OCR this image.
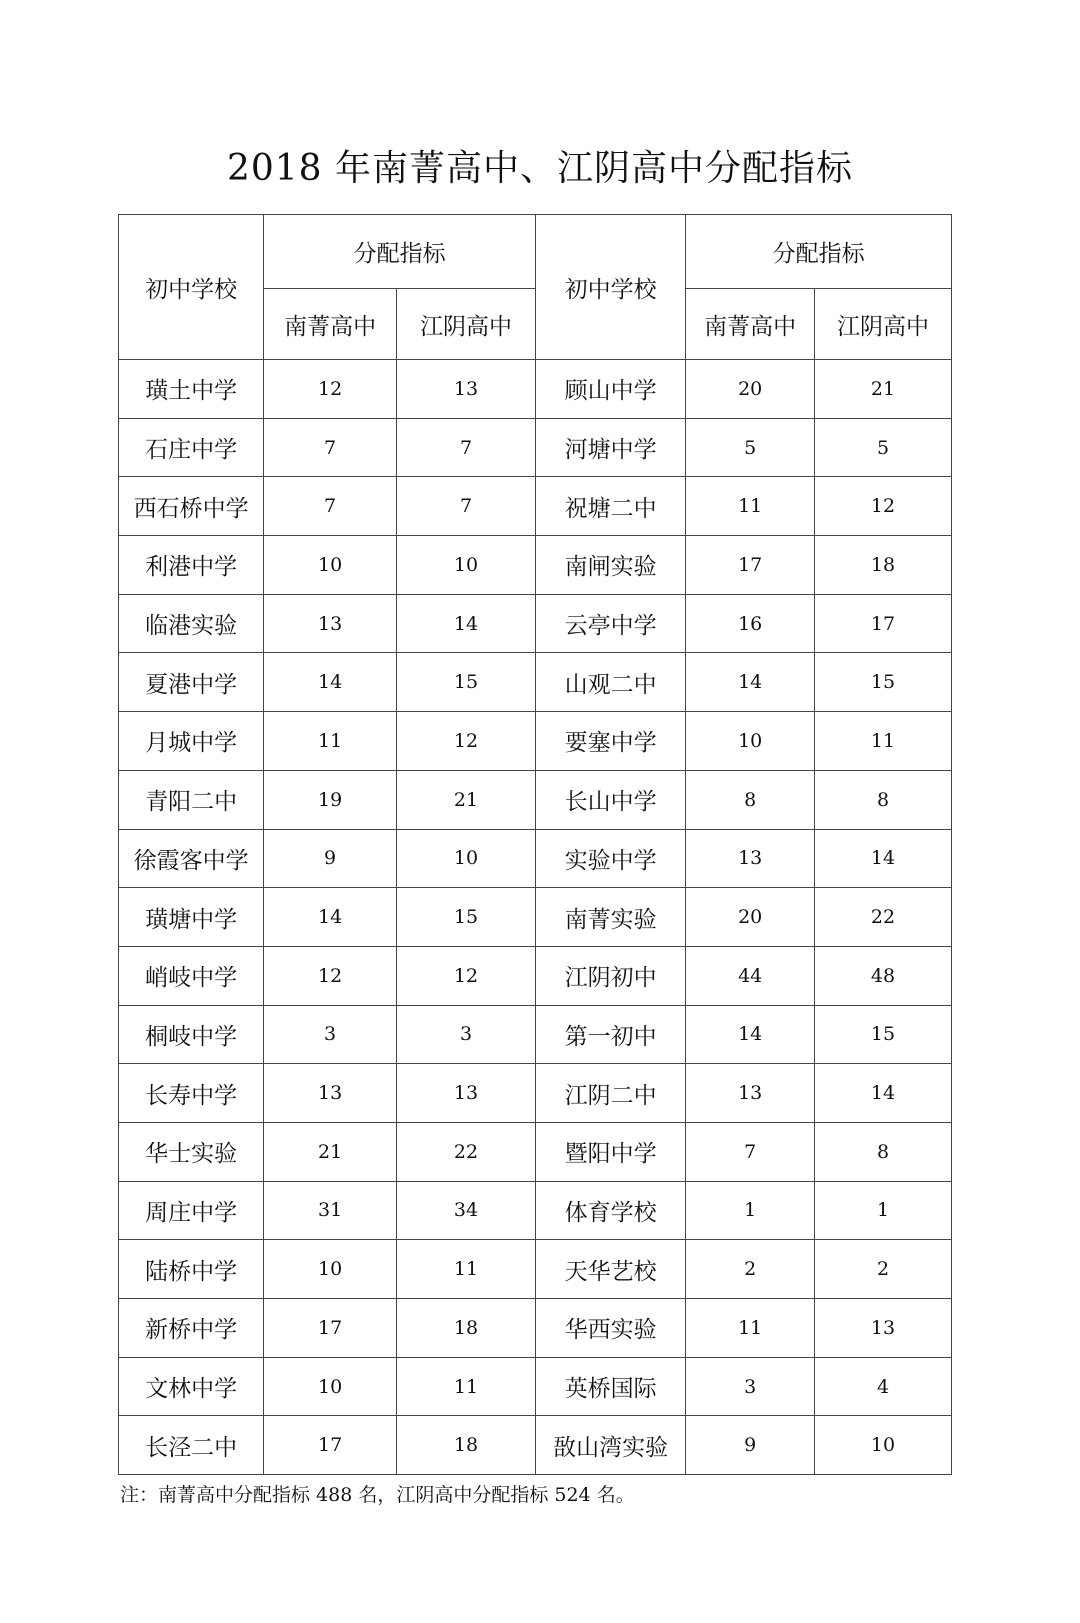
2018 年南菁高中、江阴高中分配指标
初中学校	分配指标		初中学校	分配指标	
	南菁高中	江阴高中		南菁高中	江阴高中
璜土中学	12	13	顾山中学	20	21
石庄中学	7	7	河塘中学	5	5
西石桥中学	7	7	祝塘二中	11	12
利港中学	10	10	南闸实验	17	18
临港实验	13	14	云亭中学	16	17
夏港中学	14	15	山观二中	14	15
月城中学	11	12	要塞中学	10	11
青阳二中	19	21	长山中学	8	8
徐霞客中学	9	10	实验中学	13	14
璜塘中学	14	15	南菁实验	20	22
峭岐中学	12	12	江阴初中	44	48
桐岐中学	3	3	第一初中	14	15
长寿中学	13	13	江阴二中	13	14
华士实验	21	22	暨阳中学	7	8
周庄中学	31	34	体育学校	1	1
陆桥中学	10	11	天华艺校	2	2
新桥中学	17	18	华西实验	11	13
文林中学	10	11	英桥国际	3	4
长泾二中	17	18	敔山湾实验	9	10
注：南菁高中分配指标 488 名，江阴高中分配指标 524 名。
